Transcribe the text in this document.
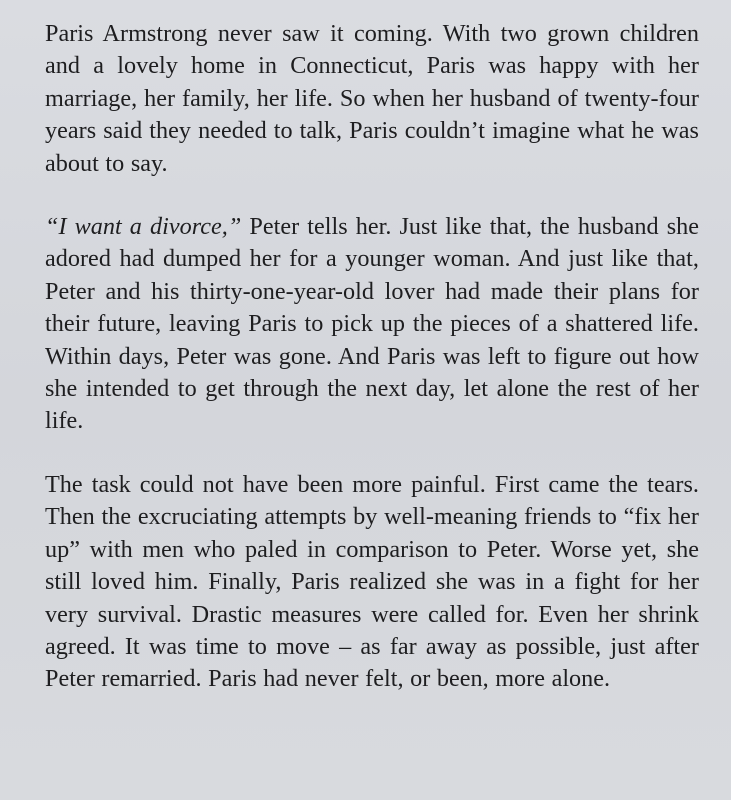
Paris Armstrong never saw it coming. With two grown children and a lovely home in Connecticut, Paris was happy with her marriage, her family, her life. So when her husband of twenty-four years said they needed to talk, Paris couldn’t imagine what he was about to say.

“I want a divorce,” Peter tells her. Just like that, the husband she adored had dumped her for a younger woman. And just like that, Peter and his thirty-one-year-old lover had made their plans for their future, leaving Paris to pick up the pieces of a shattered life. Within days, Peter was gone. And Paris was left to figure out how she intended to get through the next day, let alone the rest of her life.

The task could not have been more painful. First came the tears. Then the excruciating attempts by well-meaning friends to “fix her up” with men who paled in comparison to Peter. Worse yet, she still loved him. Finally, Paris realized she was in a fight for her very survival. Drastic measures were called for. Even her shrink agreed. It was time to move – as far away as possible, just after Peter remarried. Paris had never felt, or been, more alone.
